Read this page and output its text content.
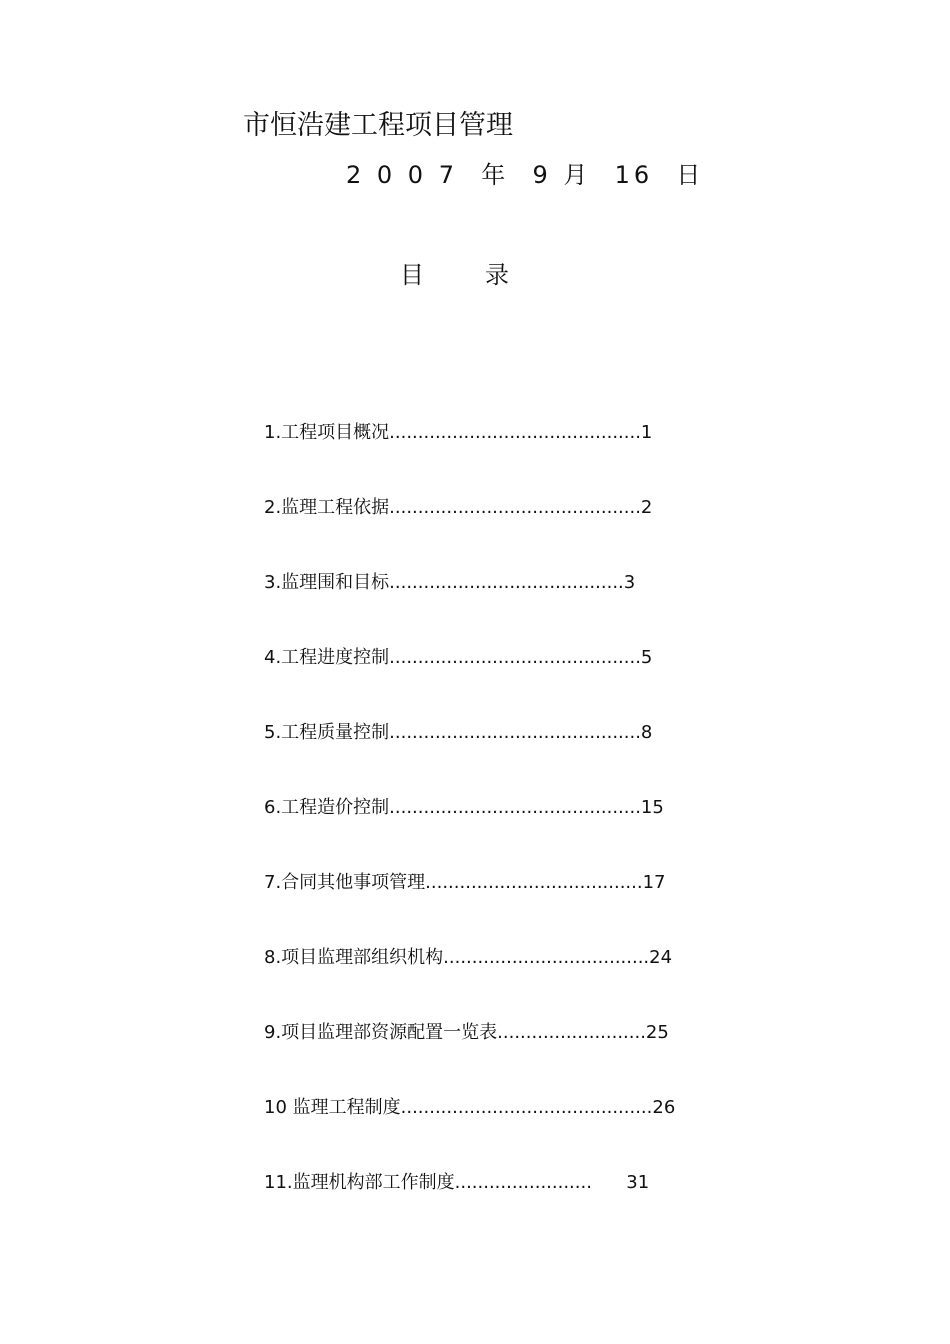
市恒浩建工程项目管理
2 0 0 7  年  9 月  16  日
目        录
1.工程项目概况............................................1
2.监理工程依据............................................2
3.监理围和目标.........................................3
4.工程进度控制............................................5
5.工程质量控制............................................8
6.工程造价控制............................................15
7.合同其他事项管理......................................17
8.项目监理部组织机构....................................24
9.项目监理部资源配置一览表..........................25
10 监理工程制度............................................26
11.监理机构部工作制度........................      31
